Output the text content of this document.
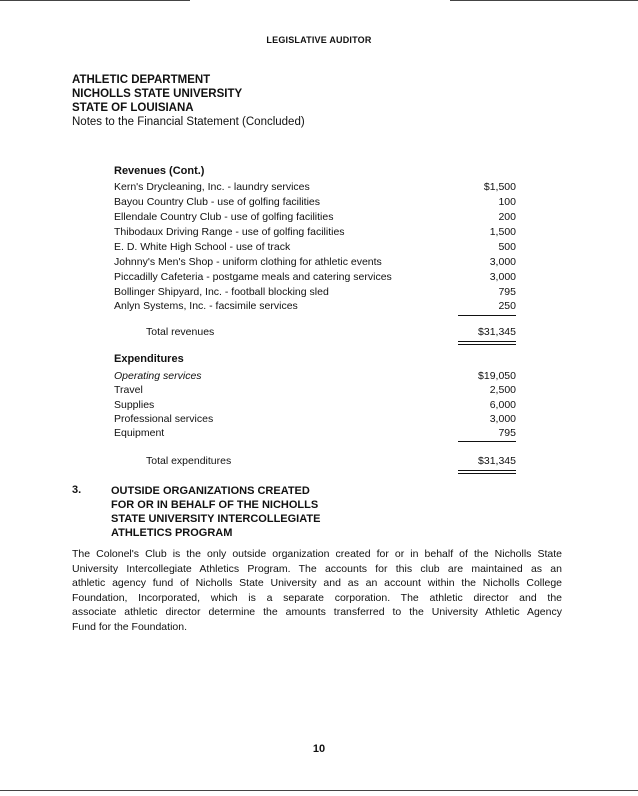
LEGISLATIVE AUDITOR
ATHLETIC DEPARTMENT
NICHOLLS STATE UNIVERSITY
STATE OF LOUISIANA
Notes to the Financial Statement (Concluded)
Revenues (Cont.)
Kern's Drycleaning, Inc. - laundry services	$1,500
Bayou Country Club - use of golfing facilities	100
Ellendale Country Club - use of golfing facilities	200
Thibodaux Driving Range - use of golfing facilities	1,500
E. D. White High School - use of track	500
Johnny's Men's Shop - uniform clothing for athletic events	3,000
Piccadilly Cafeteria - postgame meals and catering services	3,000
Bollinger Shipyard, Inc. - football blocking sled	795
Anlyn Systems, Inc. - facsimile services	250
Total revenues	$31,345
Expenditures
Operating services	$19,050
Travel	2,500
Supplies	6,000
Professional services	3,000
Equipment	795
Total expenditures	$31,345
3.	OUTSIDE ORGANIZATIONS CREATED
FOR OR IN BEHALF OF THE NICHOLLS
STATE UNIVERSITY INTERCOLLEGIATE
ATHLETICS PROGRAM
The Colonel's Club is the only outside organization created for or in behalf of the Nicholls State
University Intercollegiate Athletics Program. The accounts for this club are maintained as an
athletic agency fund of Nicholls State University and as an account within the Nicholls College
Foundation, Incorporated, which is a separate corporation. The athletic director and the
associate athletic director determine the amounts transferred to the University Athletic Agency
Fund for the Foundation.
10
